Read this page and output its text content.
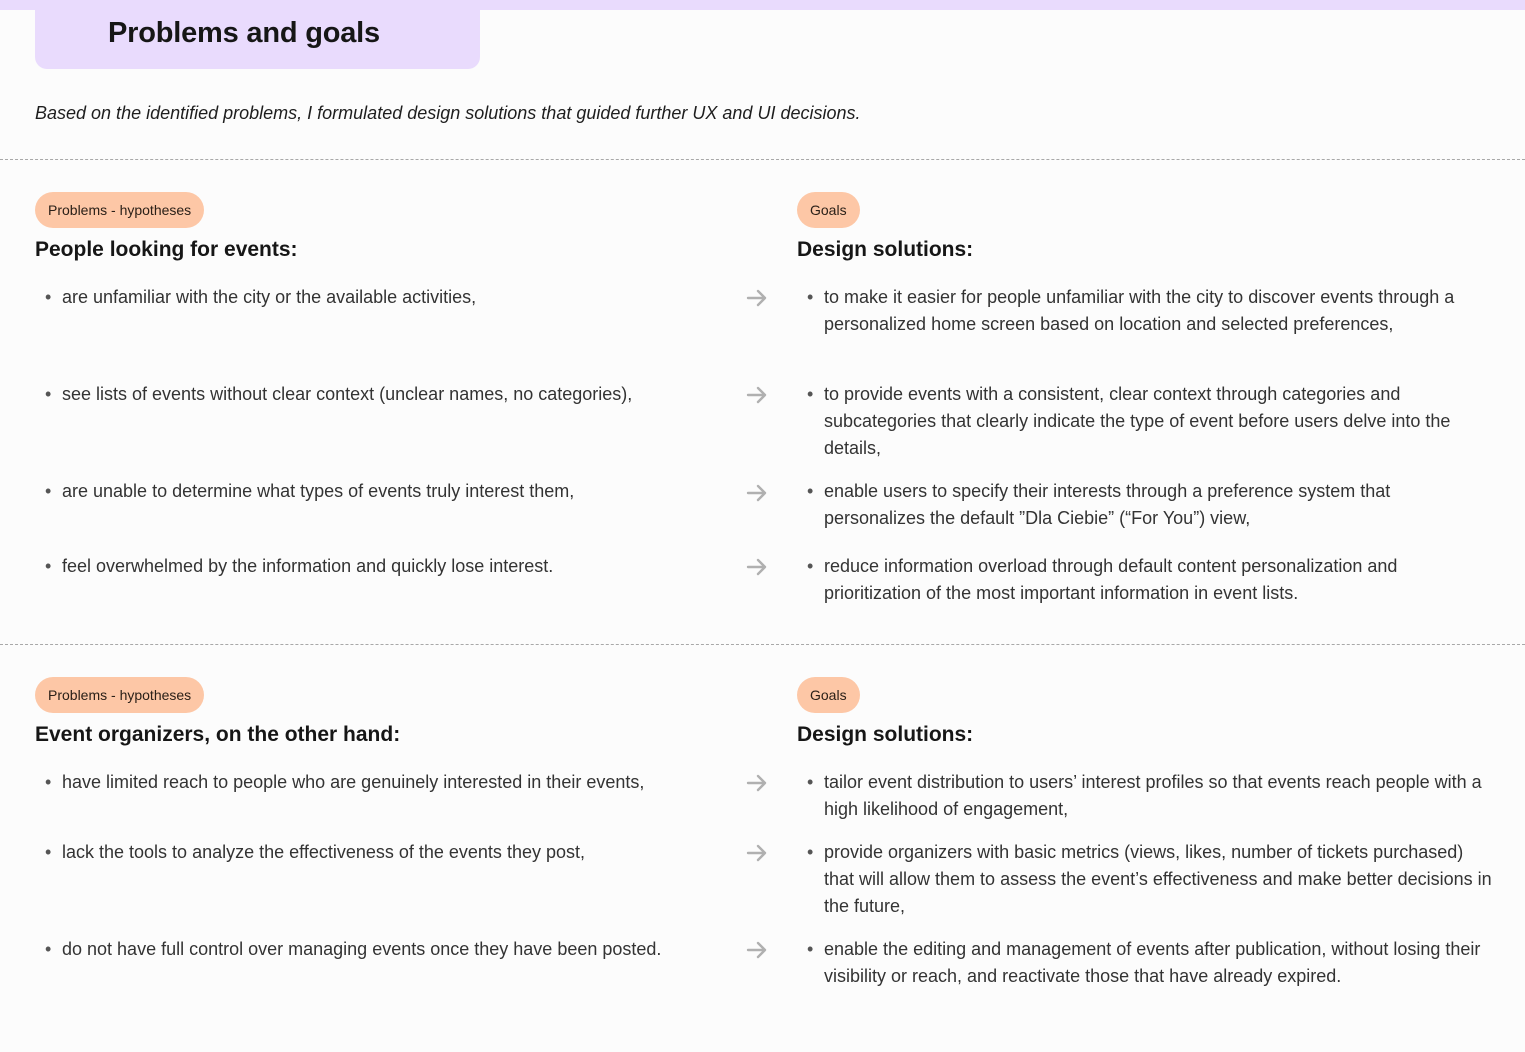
Problems and goals

Based on the identified problems, I formulated design solutions that guided further UX and UI decisions.

Problems - hypotheses
People looking for events:
Goals
Design solutions:
• are unfamiliar with the city or the available activities,	• to make it easier for people unfamiliar with the city to discover events through a personalized home screen based on location and selected preferences,
• see lists of events without clear context (unclear names, no categories),	• to provide events with a consistent, clear context through categories and subcategories that clearly indicate the type of event before users delve into the details,
• are unable to determine what types of events truly interest them,	• enable users to specify their interests through a preference system that personalizes the default ”Dla Ciebie” (“For You”) view,
• feel overwhelmed by the information and quickly lose interest.	• reduce information overload through default content personalization and prioritization of the most important information in event lists.
Problems - hypotheses
Event organizers, on the other hand:
Goals
Design solutions:
• have limited reach to people who are genuinely interested in their events,	• tailor event distribution to users’ interest profiles so that events reach people with a high likelihood of engagement,
• lack the tools to analyze the effectiveness of the events they post,	• provide organizers with basic metrics (views, likes, number of tickets purchased) that will allow them to assess the event’s effectiveness and make better decisions in the future,
• do not have full control over managing events once they have been posted.	• enable the editing and management of events after publication, without losing their visibility or reach, and reactivate those that have already expired.
